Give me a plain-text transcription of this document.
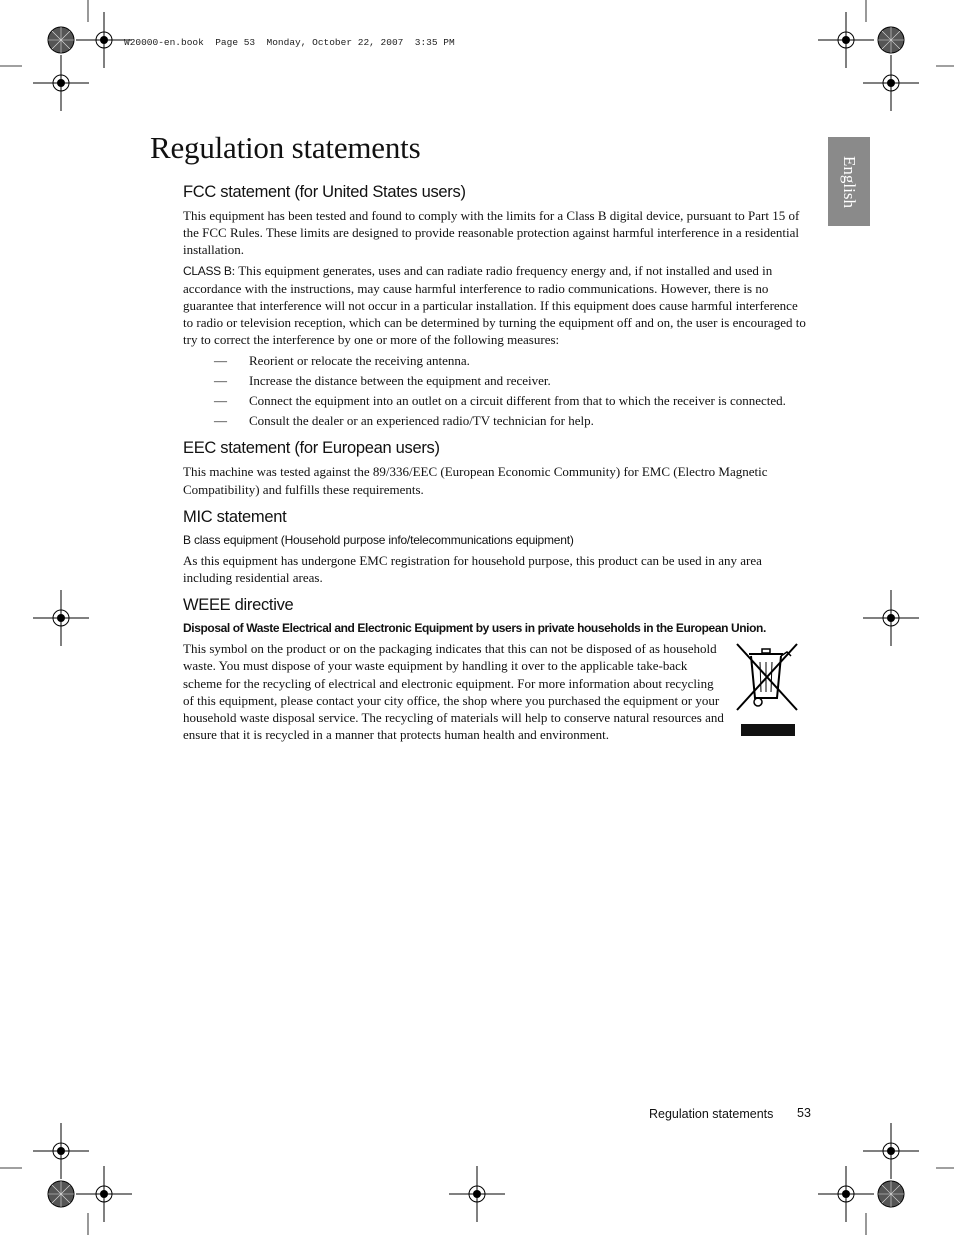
W20000-en.book  Page 53  Monday, October 22, 2007  3:35 PM
English
Regulation statements
FCC statement (for United States users)

This equipment has been tested and found to comply with the limits for a Class B digital device, pursuant to Part 15 of the FCC Rules. These limits are designed to provide reasonable protection against harmful interference in a residential installation.

CLASS B: This equipment generates, uses and can radiate radio frequency energy and, if not installed and used in accordance with the instructions, may cause harmful interference to radio communications. However, there is no guarantee that interference will not occur in a particular installation. If this equipment does cause harmful interference to radio or television reception, which can be determined by turning the equipment off and on, the user is encouraged to try to correct the interference by one or more of the following measures:

— Reorient or relocate the receiving antenna.
— Increase the distance between the equipment and receiver.
— Connect the equipment into an outlet on a circuit different from that to which the receiver is connected.
— Consult the dealer or an experienced radio/TV technician for help.
EEC statement (for European users)

This machine was tested against the 89/336/EEC (European Economic Community) for EMC (Electro Magnetic Compatibility) and fulfills these requirements.

MIC statement

B class equipment (Household purpose info/telecommunications equipment)

As this equipment has undergone EMC registration for household purpose, this product can be used in any area including residential areas.

WEEE directive

Disposal of Waste Electrical and Electronic Equipment by users in private households in the European Union.

This symbol on the product or on the packaging indicates that this can not be disposed of as household waste. You must dispose of your waste equipment by handling it over to the applicable take-back scheme for the recycling of electrical and electronic equipment. For more information about recycling of this equipment, please contact your city office, the shop where you purchased the equipment or your household waste disposal service. The recycling of materials will help to conserve natural resources and ensure that it is recycled in a manner that protects human health and environment.

Regulation statements 53
